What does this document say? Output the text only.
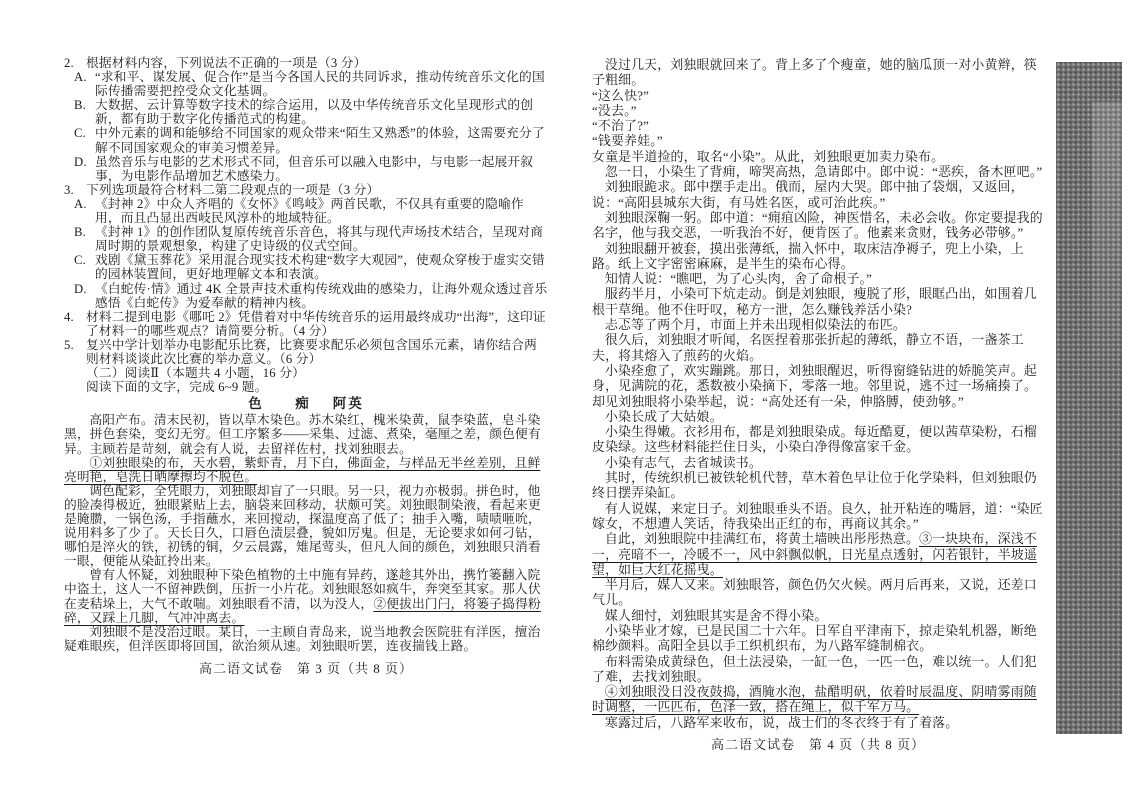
2. 根据材料内容，下列说法不正确的一项是（3 分）
A. “求和平、谋发展、促合作”是当今各国人民的共同诉求，推动传统音乐文化的国际传播需要把控受众文化基调。
B. 大数据、云计算等数字技术的综合运用，以及中华传统音乐文化呈现形式的创新，都有助于数字化传播范式的构建。
C. 中外元素的调和能够给不同国家的观众带来“陌生又熟悉”的体验，这需要充分了解不同国家观众的审美习惯差异。
D. 虽然音乐与电影的艺术形式不同，但音乐可以融入电影中，与电影一起展开叙事，为电影作品增加艺术感染力。
3. 下列选项最符合材料二第二段观点的一项是（3 分）
A. 《封神 2》中众人齐唱的《女怀》《鸣岐》两首民歌，不仅具有重要的隐喻作用，而且凸显出西岐民风淳朴的地域特征。
B. 《封神 1》的创作团队复原传统音乐音色，将其与现代声场技术结合，呈现对商周时期的景观想象，构建了史诗级的仪式空间。
C. 戏剧《黛玉葬花》采用混合现实技术构建“数字大观园”，使观众穿梭于虚实交错的园林装置间，更好地理解文本和表演。
D. 《白蛇传·情》通过 4K 全景声技术重构传统戏曲的感染力，让海外观众透过音乐感悟《白蛇传》为爱奉献的精神内核。
4. 材料二提到电影《哪吒 2》凭借着对中华传统音乐的运用最终成功“出海”，这印证了材料一的哪些观点？请简要分析。（4 分）
5. 复兴中学计划举办电影配乐比赛，比赛要求配乐必须包含国乐元素，请你结合两则材料谈谈此次比赛的举办意义。（6 分）
（二）阅读Ⅱ（本题共 4 小题，16 分）
阅读下面的文字，完成 6~9 题。
色　痴 阿英
高阳产布。清末民初，皆以草木染色。苏木染红，槐米染黄，鼠李染蓝，皂斗染黑，拼色套染，变幻无穷。但工序繁多——采集、过滤、煮染，毫厘之差，颜色便有异。主顾若是苛刻，就会有人说，去留祥佐村，找刘独眼去。
①刘独眼染的布，天水碧，紫虾青，月下白，佛面金，与样品无半丝差别，且鲜亮明艳，皂洗日晒摩擦均不脱色。
调色配彩，全凭眼力，刘独眼却盲了一只眼。另一只，视力亦极弱。拼色时，他的脸凑得极近，独眼紧贴上去，脑袋来回移动，状颇可笑。刘独眼制染液，看起来更是腌臜，一锅色汤，手指蘸水，来回搅动，探温度高了低了；抽手入嘴，啧啧咂吮，说用料多了少了。天长日久，口唇色渍层叠，貌如厉鬼。但是，无论要求如何刁钻，哪怕是淬火的铁，初锈的铜，夕云晨露，雉尾莺头，但凡人间的颜色，刘独眼只消看一眼，便能从染缸拎出来。
曾有人怀疑，刘独眼种下染色植物的土中施有异药，遂趁其外出，携竹篓翻入院中盗土，这人一不留神跌倒，压折一小片花。刘独眼怒如疯牛，奔突至其家。那人伏在麦秸垛上，大气不敢喘。刘独眼看不清，以为没人，②便拔出门闩，将篓子捣得粉碎，又踩上几脚，气冲冲离去。
刘独眼不是没治过眼。某日，一主顾自青岛来，说当地教会医院驻有洋医，擅治疑难眼疾，但洋医即将回国，欲治须从速。刘独眼听罢，连夜揣钱上路。
高二语文试卷　第 3 页（共 8 页）
没过几天，刘独眼就回来了。背上多了个瘦童，她的脑瓜顶一对小黄辫，筷子粗细。
“这么快?”
“没去。”
“不治了?”
“钱要养娃。”
女童是半道捡的，取名“小染”。从此，刘独眼更加卖力染布。
忽一日，小染生了背痈，啼哭高热，急请郎中。郎中说：“恶疾，备木匣吧。”
刘独眼跪求。郎中摆手走出。俄而，屋内大哭。郎中抽了袋烟，又返回，说：“高阳县城东大街，有马姓名医，或可治此疾。”
刘独眼深鞠一躬。郎中道：“痈疽凶险，神医惜名，未必会收。你定要提我的名字，他与我交恶，一听我治不好，便肯医了。他素来贪财，钱务必带够。”
刘独眼翻开被套，摸出张薄纸，揣入怀中，取床洁净褥子，兜上小染，上路。纸上文字密密麻麻，是半生的染布心得。
知情人说：“瞧吧，为了心头肉，舍了命根子。”
服药半月，小染可下炕走动。倒是刘独眼，瘦脱了形，眼眶凸出，如围着几根干草绳。他不住吁叹，秘方一泄，怎么赚钱养活小染?
忐忑等了两个月，市面上并未出现相似染法的布匹。
很久后，刘独眼才听闻，名医捏着那张折起的薄纸，静立不语，一盏茶工夫，将其熔入了煎药的火焰。
小染痊愈了，欢实蹦跳。那日，刘独眼醒迟，听得窗缝钻进的娇脆笑声。起身，见满院的花，悉数被小染摘下，零落一地。邻里说，逃不过一场痛揍了。却见刘独眼将小染举起，说：“高处还有一朵，伸胳膊，使劲够。”
小染长成了大姑娘。
小染生得嫩。衣衫用布，都是刘独眼染成。每近酷夏，便以茜草染粉，石榴皮染绿。这些材料能拦住日头，小染白净得像富家千金。
小染有志气，去省城读书。
其时，传统织机已被铁轮机代替，草木着色早让位于化学染料，但刘独眼仍终日摆弄染缸。
有人说媒，来定日子。刘独眼垂头不语。良久，扯开粘连的嘴唇，道：“染匠嫁女，不想遭人笑话，待我染出正红的布，再商议其余。”
自此，刘独眼院中挂满红布，将黄土墙映出彤彤热意。③一块块布，深浅不一，亮暗不一，冷暖不一，风中斜飘似帆，日光星点透射，闪若银针，半坡遥望，如巨大红花摇曳。
半月后，媒人又来。刘独眼答，颜色仍欠火候。两月后再来，又说，还差口气儿。
媒人细忖，刘独眼其实是舍不得小染。
小染毕业才嫁，已是民国二十六年。日军自平津南下，掠走染轧机器，断绝棉纱颜料。高阳全县以手工织机织布，为八路军缝制棉衣。
布料需染成黄绿色，但土法浸染，一缸一色，一匹一色，难以统一。人们犯了难，去找刘独眼。
④刘独眼没日没夜鼓捣，酒腌水泡，盐醋明矾，依着时辰温度、阴晴雾雨随时调整，一匹匹布，色泽一致，搭在绳上，似千军万马。
寒露过后，八路军来收布，说，战士们的冬衣终于有了着落。
高二语文试卷　第 4 页（共 8 页）
